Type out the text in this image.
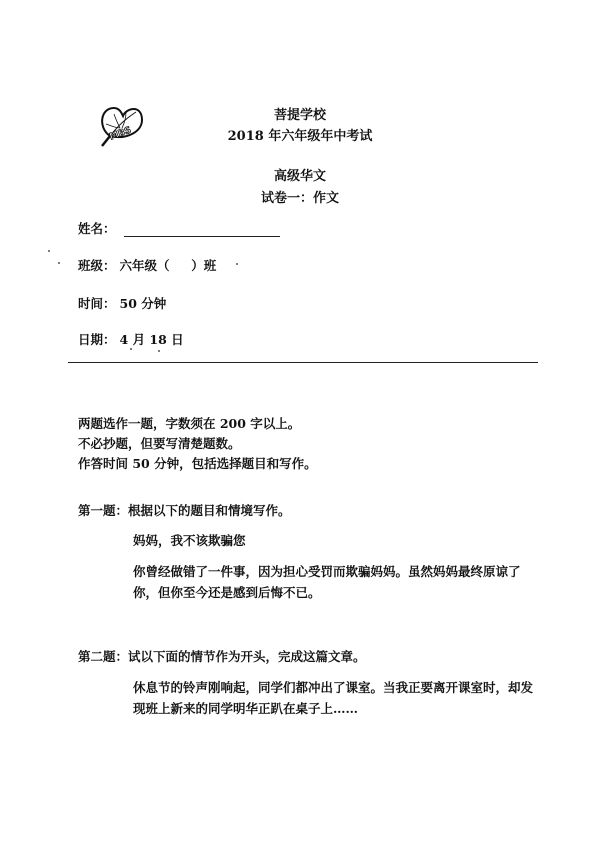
MBS
菩提学校
2018 年六年级年中考试
高级华文
试卷一：作文
姓名：
班级： 六年级（     ）班
时间： 50 分钟
日期： 4 月 18 日
两题选作一题，字数须在 200 字以上。
不必抄题，但要写清楚题数。
作答时间 50 分钟，包括选择题目和写作。
第一题：根据以下的题目和情境写作。
妈妈，我不该欺骗您
你曾经做错了一件事，因为担心受罚而欺骗妈妈。虽然妈妈最终原谅了你，但你至今还是感到后悔不已。
第二题：试以下面的情节作为开头，完成这篇文章。
休息节的铃声刚响起，同学们都冲出了课室。当我正要离开课室时，却发现班上新来的同学明华正趴在桌子上……
